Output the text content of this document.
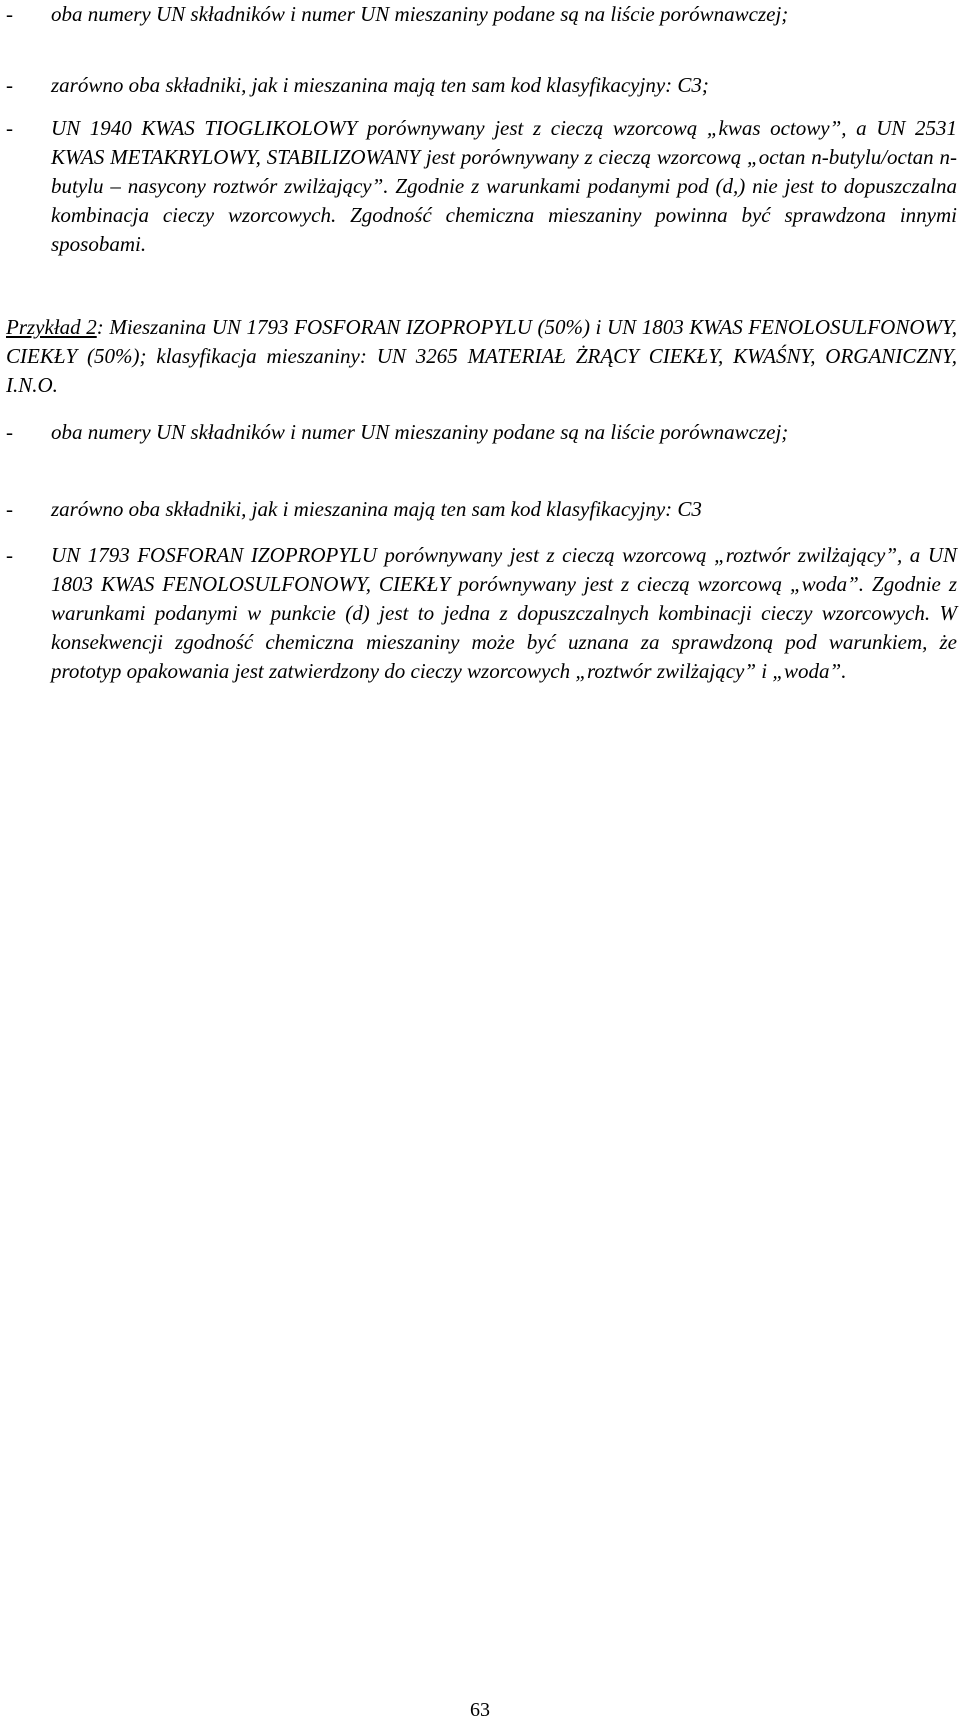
- oba numery UN składników i numer UN mieszaniny podane są na liście porównawczej;
- zarówno oba składniki, jak i mieszanina mają ten sam kod klasyfikacyjny: C3;
- UN 1940 KWAS TIOGLIKOLOWY porównywany jest z cieczą wzorcową „kwas octowy”, a UN 2531 KWAS METAKRYLOWY, STABILIZOWANY jest porównywany z cieczą wzorcową „octan n-butylu/octan n-butylu – nasycony roztwór zwilżający”. Zgodnie z warunkami podanymi pod (d,) nie jest to dopuszczalna kombinacja cieczy wzorcowych. Zgodność chemiczna mieszaniny powinna być sprawdzona innymi sposobami.
Przykład 2: Mieszanina UN 1793 FOSFORAN IZOPROPYLU (50%) i UN 1803 KWAS FENOLOSULFONOWY, CIEKŁY (50%); klasyfikacja mieszaniny: UN 3265 MATERIAŁ ŻRĄCY CIEKŁY, KWAŚNY, ORGANICZNY, I.N.O.
- oba numery UN składników i numer UN mieszaniny podane są na liście porównawczej;
- zarówno oba składniki, jak i mieszanina mają ten sam kod klasyfikacyjny: C3
- UN 1793 FOSFORAN IZOPROPYLU porównywany jest z cieczą wzorcową „roztwór zwilżający”, a UN 1803 KWAS FENOLOSULFONOWY, CIEKŁY porównywany jest z cieczą wzorcową „woda”. Zgodnie z warunkami podanymi w punkcie (d) jest to jedna z dopuszczalnych kombinacji cieczy wzorcowych. W konsekwencji zgodność chemiczna mieszaniny może być uznana za sprawdzoną pod warunkiem, że prototyp opakowania jest zatwierdzony do cieczy wzorcowych „roztwór zwilżający” i „woda”.
63
